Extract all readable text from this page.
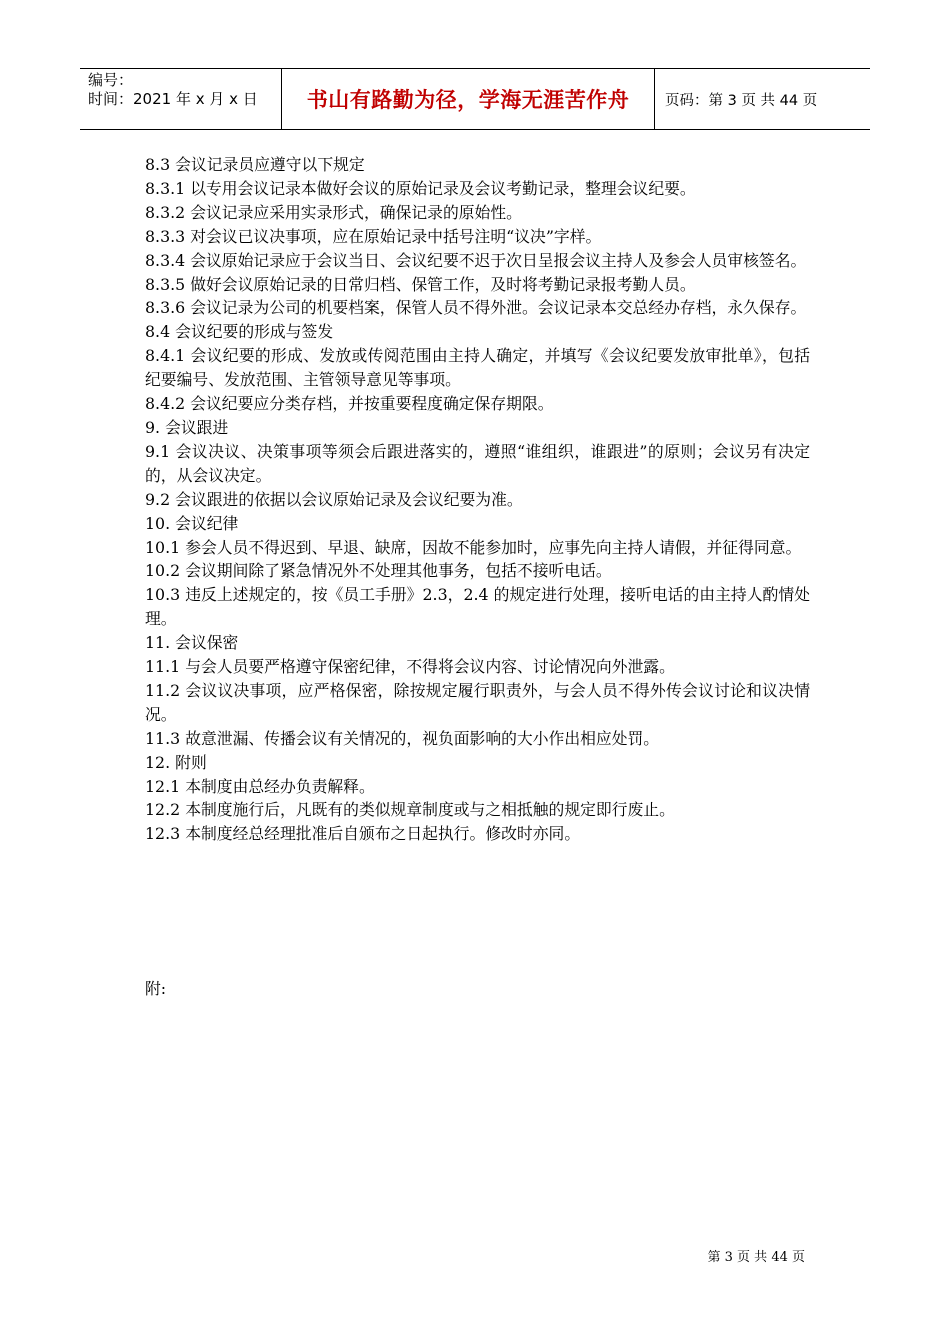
编号：
时间：2021 年 x 月 x 日	书山有路勤为径，学海无涯苦作舟	页码：第 3 页 共 44 页

8.3 会议记录员应遵守以下规定

8.3.1 以专用会议记录本做好会议的原始记录及会议考勤记录，整理会议纪要。

8.3.2 会议记录应采用实录形式，确保记录的原始性。

8.3.3 对会议已议决事项，应在原始记录中括号注明“议决”字样。

8.3.4 会议原始记录应于会议当日、会议纪要不迟于次日呈报会议主持人及参会人员审核签名。

8.3.5 做好会议原始记录的日常归档、保管工作，及时将考勤记录报考勤人员。

8.3.6 会议记录为公司的机要档案，保管人员不得外泄。会议记录本交总经办存档，永久保存。

8.4 会议纪要的形成与签发

8.4.1 会议纪要的形成、发放或传阅范围由主持人确定，并填写《会议纪要发放审批单》，包括纪要编号、发放范围、主管领导意见等事项。

8.4.2 会议纪要应分类存档，并按重要程度确定保存期限。

9. 会议跟进

9.1 会议决议、决策事项等须会后跟进落实的，遵照“谁组织，谁跟进”的原则；会议另有决定的，从会议决定。

9.2 会议跟进的依据以会议原始记录及会议纪要为准。

10. 会议纪律

10.1 参会人员不得迟到、早退、缺席，因故不能参加时，应事先向主持人请假，并征得同意。

10.2 会议期间除了紧急情况外不处理其他事务，包括不接听电话。

10.3 违反上述规定的，按《员工手册》2.3，2.4 的规定进行处理，接听电话的由主持人酌情处理。

11. 会议保密

11.1 与会人员要严格遵守保密纪律，不得将会议内容、讨论情况向外泄露。

11.2 会议议决事项，应严格保密，除按规定履行职责外，与会人员不得外传会议讨论和议决情况。

11.3 故意泄漏、传播会议有关情况的，视负面影响的大小作出相应处罚。

12. 附则

12.1 本制度由总经办负责解释。

12.2 本制度施行后，凡既有的类似规章制度或与之相抵触的规定即行废止。

12.3 本制度经总经理批准后自颁布之日起执行。修改时亦同。

附:
第 3 页 共 44 页
